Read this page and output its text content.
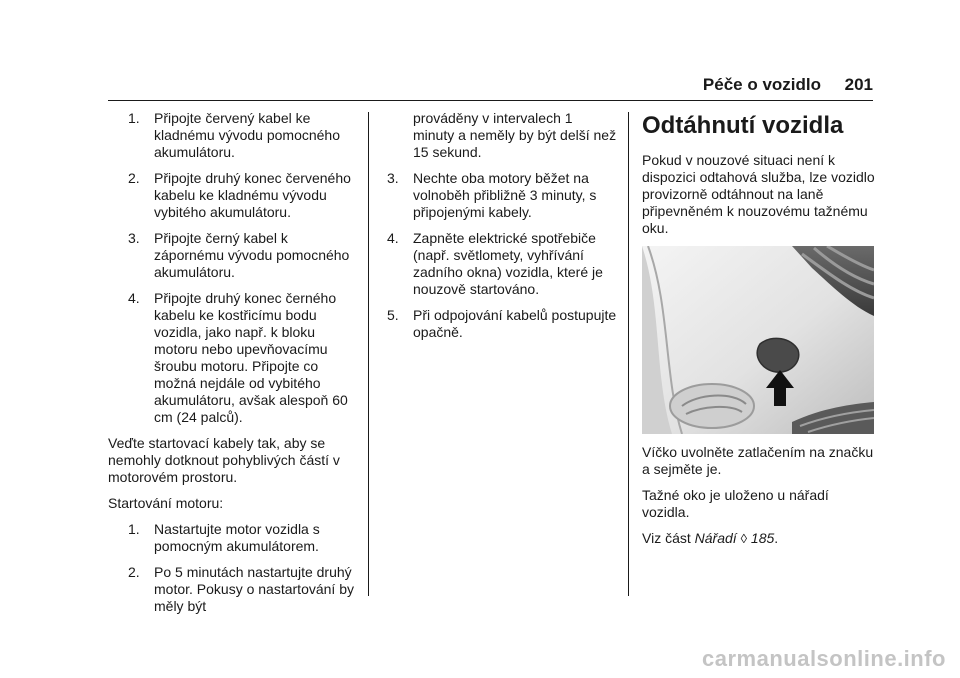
Péče o vozidlo 201
1. Připojte červený kabel ke kladnému vývodu pomocného akumulátoru.
2. Připojte druhý konec červeného kabelu ke kladnému vývodu vybitého akumulátoru.
3. Připojte černý kabel k zápornému vývodu pomocného akumulátoru.
4. Připojte druhý konec černého kabelu ke kostřicímu bodu vozidla, jako např. k bloku motoru nebo upevňovacímu šroubu motoru. Připojte co možná nejdále od vybitého akumulátoru, avšak alespoň 60 cm (24 palců).

Veďte startovací kabely tak, aby se nemohly dotknout pohyblivých částí v motorovém prostoru.

Startování motoru:

1. Nastartujte motor vozidla s pomocným akumulátorem.
2. Po 5 minutách nastartujte druhý motor. Pokusy o nastartování by měly být
prováděny v intervalech 1 minuty a neměly by být delší než 15 sekund.
3. Nechte oba motory běžet na volnoběh přibližně 3 minuty, s připojenými kabely.
4. Zapněte elektrické spotřebiče (např. světlomety, vyhřívání zadního okna) vozidla, které je nouzově startováno.
5. Při odpojování kabelů postupujte opačně.
Odtáhnutí vozidla

Pokud v nouzové situaci není k dispozici odtahová služba, lze vozidlo provizorně odtáhnout na laně připevněném k nouzovému tažnému oku.

Víčko uvolněte zatlačením na značku a sejměte je.

Tažné oko je uloženo u nářadí vozidla.

Viz část Nářadí ◊ 185.

carmanualsonline.info
